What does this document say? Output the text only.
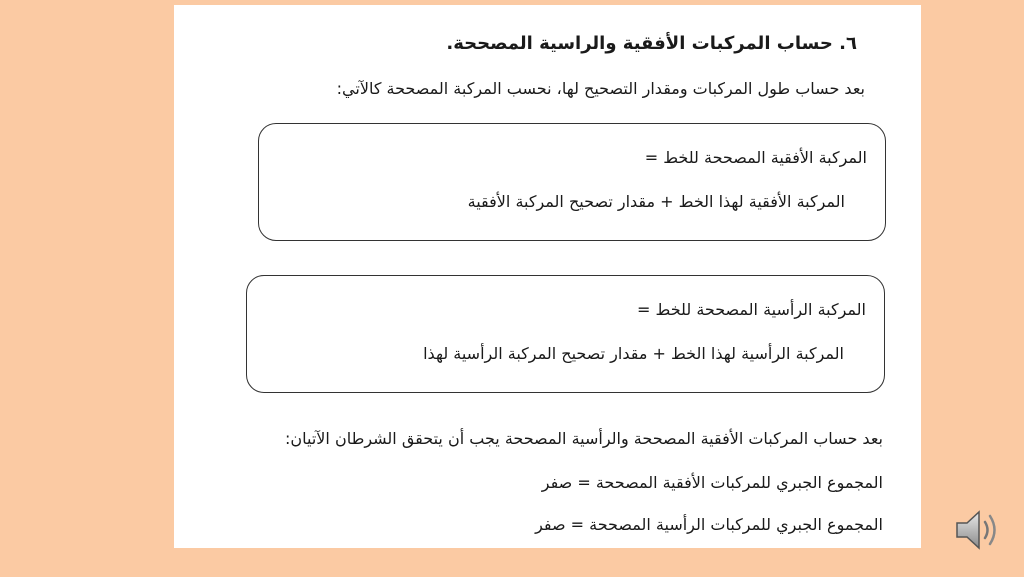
٦. حساب المركبات الأفقية والراسية المصححة.
بعد حساب طول المركبات ومقدار التصحيح لها، نحسب المركبة المصححة كالآتي:
المركبة الأفقية المصححة للخط =
المركبة الأفقية لهذا الخط + مقدار تصحيح المركبة الأفقية
المركبة الرأسية المصححة للخط =
المركبة الرأسية لهذا الخط + مقدار تصحيح المركبة الرأسية لهذا
بعد حساب المركبات الأفقية المصححة والرأسية المصححة يجب أن يتحقق الشرطان الآتيان:
المجموع الجبري للمركبات الأفقية المصححة = صفر
المجموع الجبري للمركبات الرأسية المصححة = صفر
